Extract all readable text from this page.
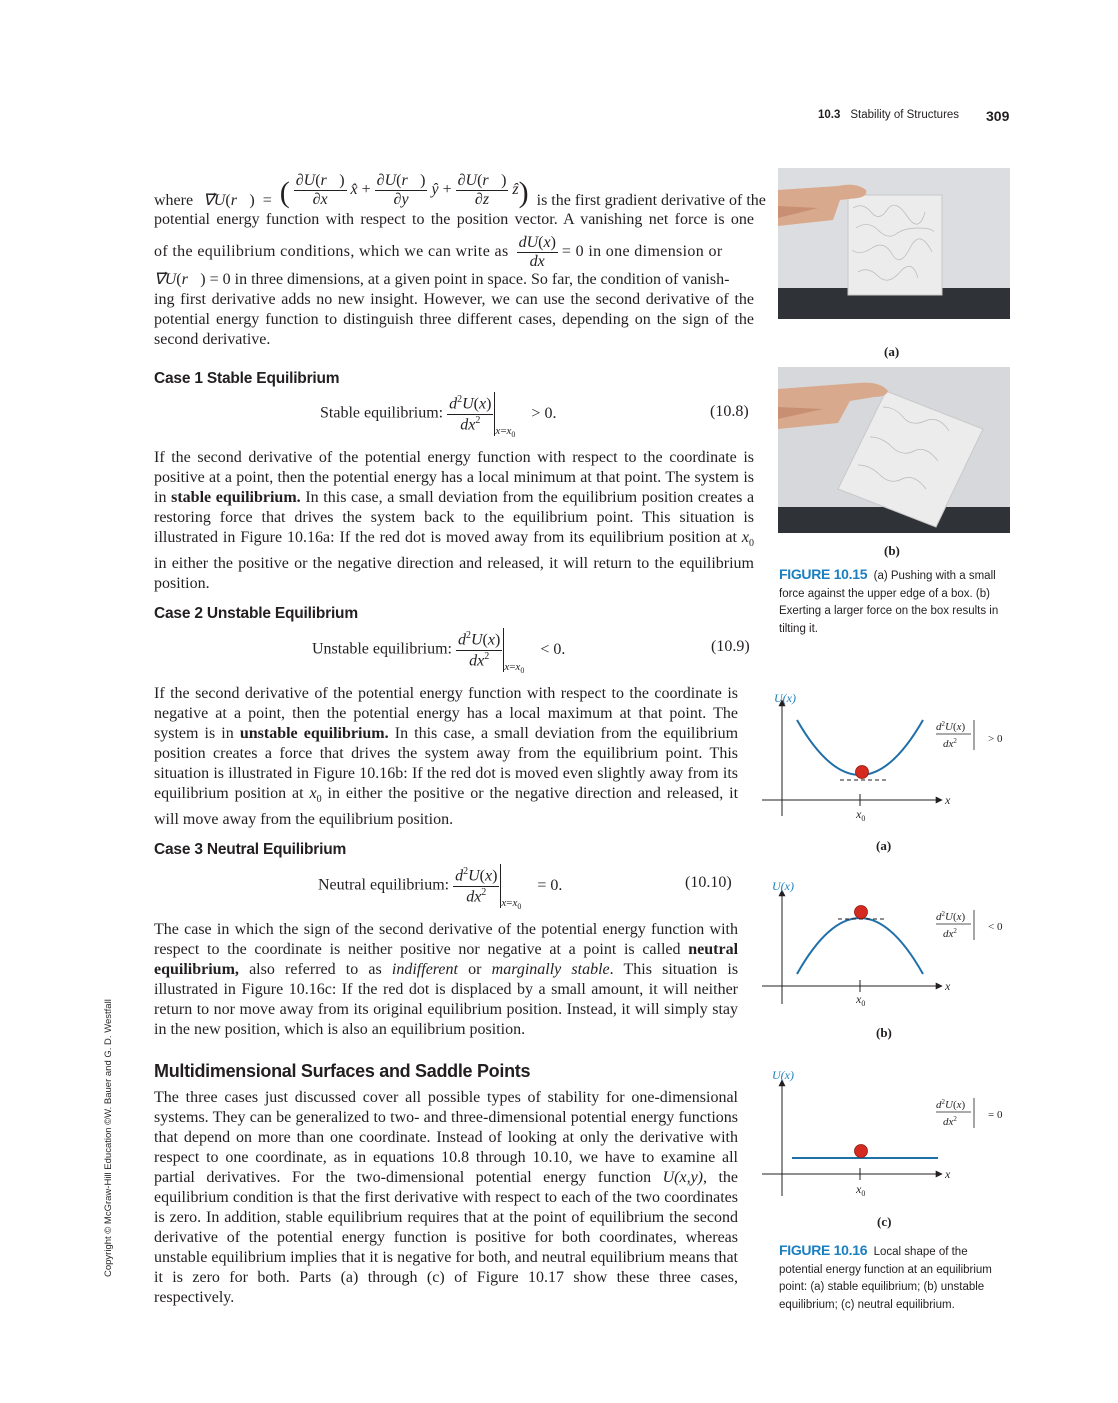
10.3 Stability of Structures 309
Copyright © McGraw-Hill Education ©W. Bauer and G. D. Westfall
where ∇⃗U(r⃗)  =  ( $\frac{\partial U(r⃗)}{\partial x}$ x̂ + $\frac{\partial U(r⃗)}{\partial y}$ ŷ + $\frac{\partial U(r⃗)}{\partial z}$ ẑ) is the first gradient derivative of the

potential energy function with respect to the position vector. A vanishing net force is one

of the equilibrium conditions, which we can write as $\frac{dU(x)}{dx} = 0$ in one dimension or
∇⃗U(r⃗) = 0 in three dimensions, at a given point in space. So far, the condition of vanish-

ing first derivative adds no new insight. However, we can use the second derivative of the potential energy function to distinguish three different cases, depending on the sign of the second derivative.

Case 1 Stable Equilibrium
Stable equilibrium: $\frac{d^2U(x)}{dx^2} _{x=x_0} > 0$.	(10.8)

If the second derivative of the potential energy function with respect to the coordinate is positive at a point, then the potential energy has a local minimum at that point. The system is in stable equilibrium. In this case, a small deviation from the equilibrium position creates a restoring force that drives the system back to the equilibrium point. This situation is illustrated in Figure 10.16a: If the red dot is moved away from its equilibrium position at $x_0$ in either the positive or the negative direction and released, it will return to the equilibrium position.

Case 2 Unstable Equilibrium
Unstable equilibrium: $\frac{d^2U(x)}{dx^2} _{x=x_0} < 0$.	(10.9)

If the second derivative of the potential energy function with respect to the coordinate is negative at a point, then the potential energy has a local maximum at that point. The system is in unstable equilibrium. In this case, a small deviation from the equilibrium position creates a force that drives the system away from the equilibrium point. This situation is illustrated in Figure 10.16b: If the red dot is moved even slightly away from its equilibrium position at $x_0$ in either the positive or the negative direction and released, it will move away from the equilibrium position.

Case 3 Neutral Equilibrium
Neutral equilibrium: $\frac{d^2U(x)}{dx^2} _{x=x_0} = 0$.	(10.10)

The case in which the sign of the second derivative of the potential energy function with respect to the coordinate is neither positive nor negative at a point is called neutral equilibrium, also referred to as indifferent or marginally stable. This situation is illustrated in Figure 10.16c: If the red dot is displaced by a small amount, it will neither return to nor move away from its original equilibrium position. Instead, it will simply stay in the new position, which is also an equilibrium position.

Multidimensional Surfaces and Saddle Points

The three cases just discussed cover all possible types of stability for one-dimensional systems. They can be generalized to two- and three-dimensional potential energy functions that depend on more than one coordinate. Instead of looking at only the derivative with respect to one coordinate, as in equations 10.8 through 10.10, we have to examine all partial derivatives. For the two-dimensional potential energy function U(x,y), the equilibrium condition is that the first derivative with respect to each of the two coordinates is zero. In addition, stable equilibrium requires that at the point of equilibrium the second derivative of the potential energy function is positive for both coordinates, whereas unstable equilibrium implies that it is negative for both, and neutral equilibrium means that it is zero for both. Parts (a) through (c) of Figure 10.17 show these three cases, respectively.

(a)
(b)
FIGURE 10.15 (a) Pushing with a small force against the upper edge of a box. (b) Exerting a larger force on the box results in tilting it.
U(x)
x
$x_0$
$d^2U(x)$
$dx^2$	> 0
(a)
U(x)
x
$x_0$
$d^2U(x)$
$dx^2$	< 0
(b)
U(x)
x
$x_0$
$d^2U(x)$
$dx^2$	= 0
(c)
FIGURE 10.16 Local shape of the potential energy function at an equilibrium point: (a) stable equilibrium; (b) unstable equilibrium; (c) neutral equilibrium.
